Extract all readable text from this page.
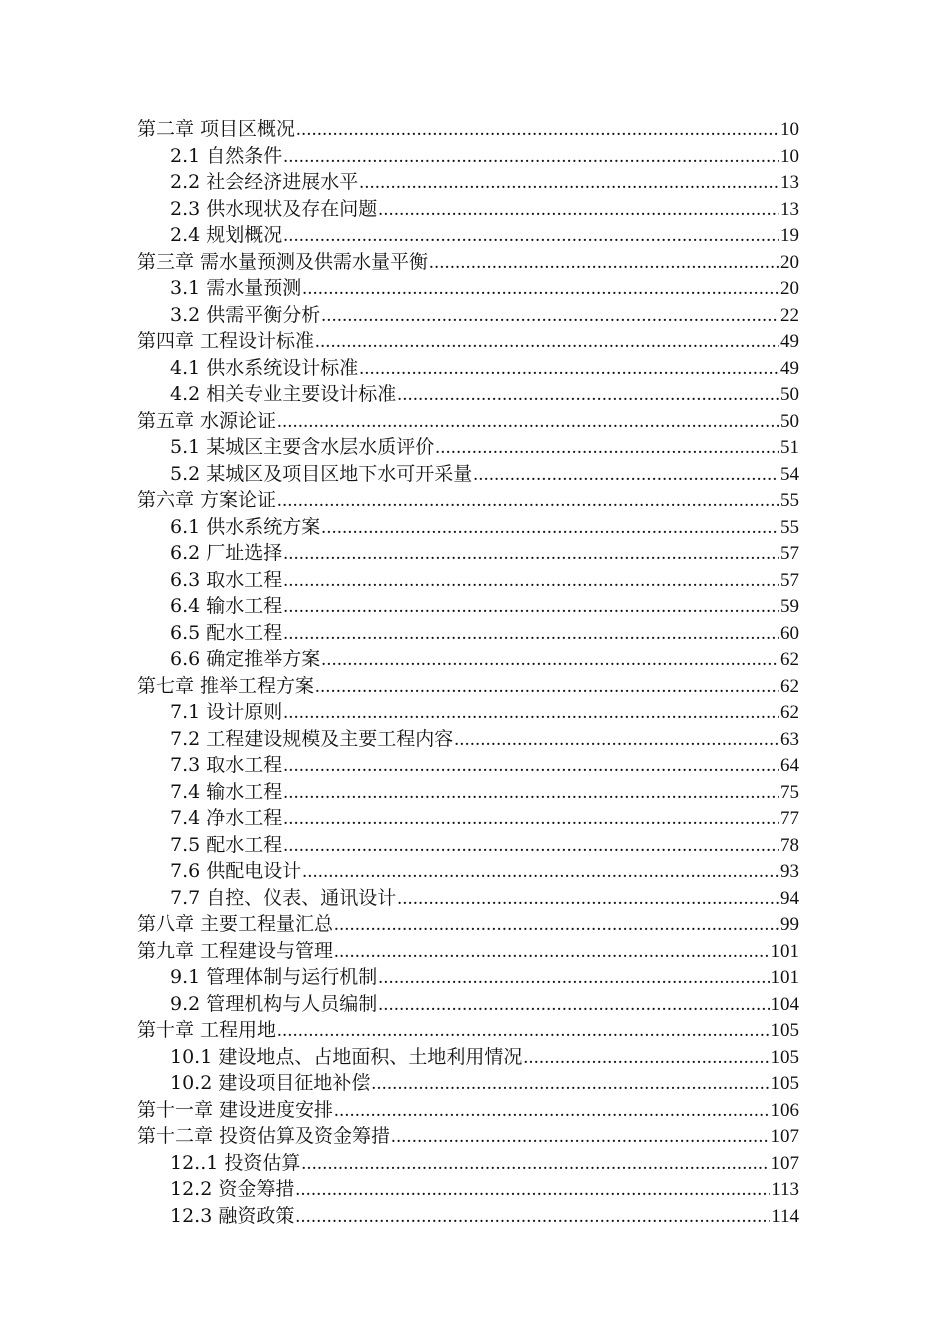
第二章 项目区概况 .....	10
2.1 自然条件 .....	10
2.2 社会经济进展水平 .....	13
2.3 供水现状及存在问题 .....	13
2.4 规划概况 .....	19
第三章 需水量预测及供需水量平衡 .....	20
3.1 需水量预测 .....	20
3.2 供需平衡分析 .....	22
第四章 工程设计标准 .....	49
4.1 供水系统设计标准 .....	49
4.2 相关专业主要设计标准 .....	50
第五章 水源论证 .....	50
5.1 某城区主要含水层水质评价 .....	51
5.2 某城区及项目区地下水可开采量 .....	54
第六章 方案论证 .....	55
6.1 供水系统方案 .....	55
6.2 厂址选择 .....	57
6.3 取水工程 .....	57
6.4 输水工程 .....	59
6.5 配水工程 .....	60
6.6 确定推举方案 .....	62
第七章 推举工程方案 .....	62
7.1 设计原则 .....	62
7.2 工程建设规模及主要工程内容 .....	63
7.3 取水工程 .....	64
7.4 输水工程 .....	75
7.4 净水工程 .....	77
7.5 配水工程 .....	78
7.6 供配电设计 .....	93
7.7 自控、仪表、通讯设计 .....	94
第八章 主要工程量汇总 .....	99
第九章 工程建设与管理 .....	101
9.1 管理体制与运行机制 .....	101
9.2 管理机构与人员编制 .....	104
第十章 工程用地 .....	105
10.1 建设地点、占地面积、土地利用情况 .....	105
10.2 建设项目征地补偿 .....	105
第十一章 建设进度安排 .....	106
第十二章 投资估算及资金筹措 .....	107
12..1 投资估算 .....	107
12.2 资金筹措 .....	113
12.3 融资政策 .....	114
